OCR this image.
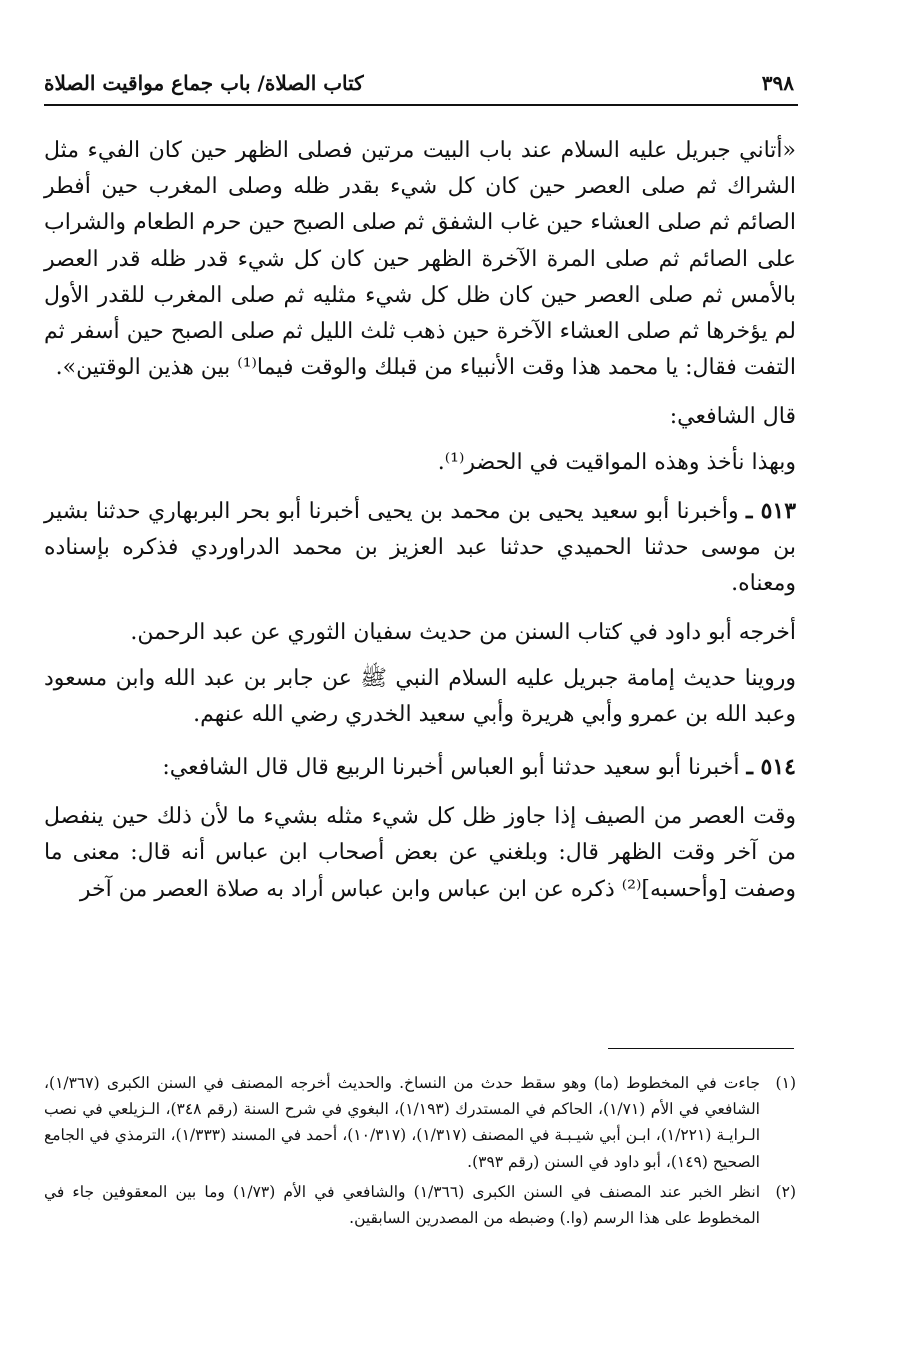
٣٩٨
كتاب الصلاة/ باب جماع مواقيت الصلاة

«أتاني جبريل عليه السلام عند باب البيت مرتين فصلى الظهر حين كان الفيء مثل الشراك ثم صلى العصر حين كان كل شيء بقدر ظله وصلى المغرب حين أفطر الصائم ثم صلى العشاء حين غاب الشفق ثم صلى الصبح حين حرم الطعام والشراب على الصائم ثم صلى المرة الآخرة الظهر حين كان كل شيء قدر ظله قدر العصر بالأمس ثم صلى العصر حين كان ظل كل شيء مثليه ثم صلى المغرب للقدر الأول لم يؤخرها ثم صلى العشاء الآخرة حين ذهب ثلث الليل ثم صلى الصبح حين أسفر ثم التفت فقال: يا محمد هذا وقت الأنبياء من قبلك والوقت فيما⁽¹⁾ بين هذين الوقتين».

قال الشافعي:

وبهذا نأخذ وهذه المواقيت في الحضر⁽¹⁾.

٥١٣ ـ وأخبرنا أبو سعيد يحيى بن محمد بن يحيى أخبرنا أبو بحر البربهاري حدثنا بشير بن موسى حدثنا الحميدي حدثنا عبد العزيز بن محمد الدراوردي فذكره بإسناده ومعناه.

أخرجه أبو داود في كتاب السنن من حديث سفيان الثوري عن عبد الرحمن.

وروينا حديث إمامة جبريل عليه السلام النبي ﷺ عن جابر بن عبد الله وابن مسعود وعبد الله بن عمرو وأبي هريرة وأبي سعيد الخدري رضي الله عنهم.

٥١٤ ـ أخبرنا أبو سعيد حدثنا أبو العباس أخبرنا الربيع قال قال الشافعي:

وقت العصر من الصيف إذا جاوز ظل كل شيء مثله بشيء ما لأن ذلك حين ينفصل من آخر وقت الظهر قال: وبلغني عن بعض أصحاب ابن عباس أنه قال: معنى ما وصفت [وأحسبه]⁽²⁾ ذكره عن ابن عباس وابن عباس أراد به صلاة العصر من آخر

(١)
جاءت في المخطوط (ما) وهو سقط حدث من النساخ. والحديث أخرجه المصنف في السنن الكبرى (١/٣٦٧)، الشافعي في الأم (١/٧١)، الحاكم في المستدرك (١/١٩٣)، البغوي في شرح السنة (رقم ٣٤٨)، الـزيلعي في نصب الـرايـة (١/٢٢١)، ابـن أبي شيـبـة في المصنف (١/٣١٧)، (١٠/٣١٧)، أحمد في المسند (١/٣٣٣)، الترمذي في الجامع الصحيح (١٤٩)، أبو داود في السنن (رقم ٣٩٣).
(٢)
انظر الخبر عند المصنف في السنن الكبرى (١/٣٦٦) والشافعي في الأم (١/٧٣) وما بين المعقوفين جاء في المخطوط على هذا الرسم (وا.) وضبطه من المصدرين السابقين.
